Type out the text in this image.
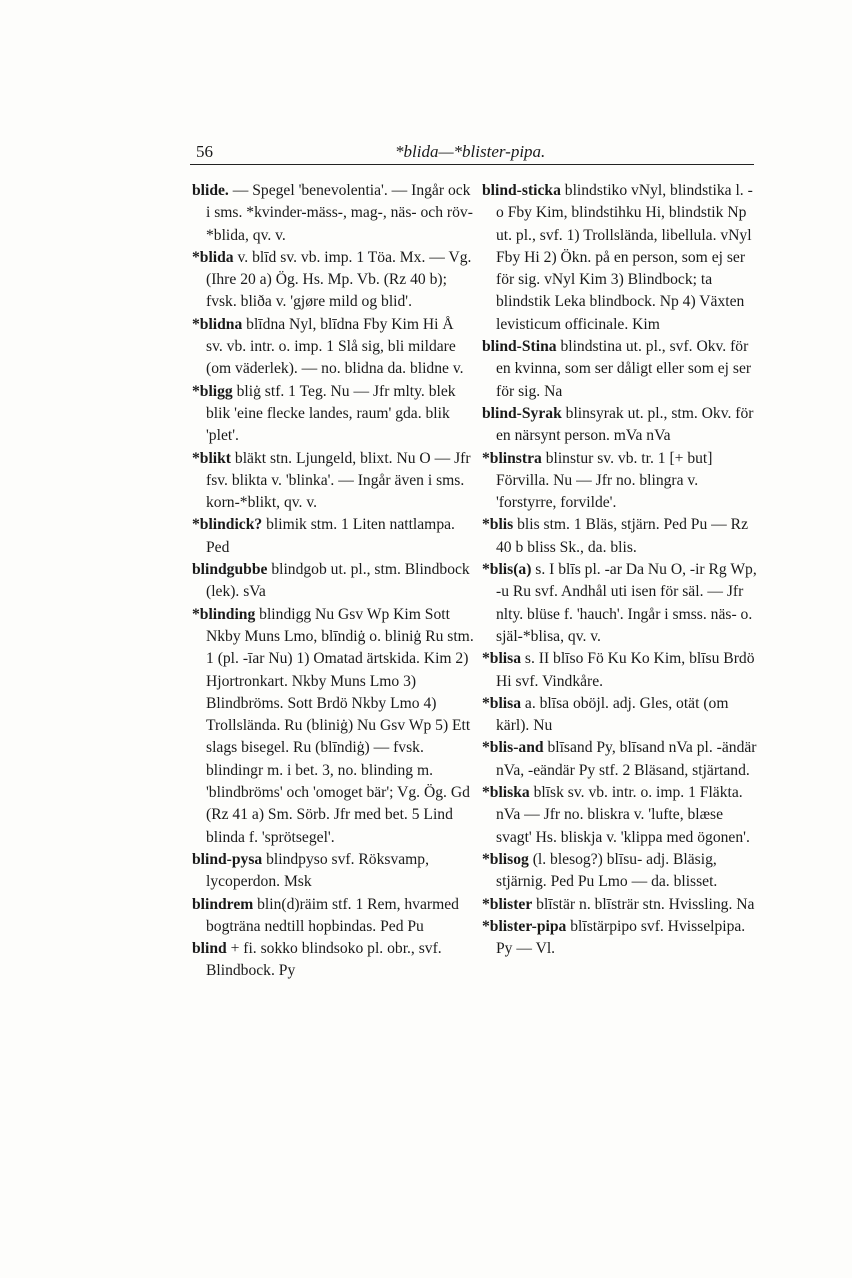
56	*blida—*blister-pipa.

blide. — Spegel 'benevolentia'. — Ingår ock i sms. *kvinder-mäss-, mag-, näs- och röv-*blida, qv. v.

*blida v. blīd sv. vb. imp. 1 Töa. Mx. — Vg. (Ihre 20 a) Ög. Hs. Mp. Vb. (Rz 40 b); fvsk. bliða v. 'gjøre mild og blid'.

*blidna blīdna Nyl, blīdna Fby Kim Hi Å sv. vb. intr. o. imp. 1 Slå sig, bli mildare (om väderlek). — no. blidna da. blidne v.

*bligg bliġ stf. 1 Teg. Nu — Jfr mlty. blek blik 'eine flecke landes, raum' gda. blik 'plet'.

*blikt bläkt stn. Ljungeld, blixt. Nu O — Jfr fsv. blikta v. 'blinka'. — Ingår även i sms. korn-*blikt, qv. v.

*blindick? blimik stm. 1 Liten nattlampa. Ped

blindgubbe blindgob ut. pl., stm. Blindbock (lek). sVa

*blinding blindigg Nu Gsv Wp Kim Sott Nkby Muns Lmo, blīndiġ o. bliniġ Ru stm. 1 (pl. -īar Nu) 1) Omatad ärtskida. Kim 2) Hjortronkart. Nkby Muns Lmo 3) Blindbröms. Sott Brdö Nkby Lmo 4) Trollslända. Ru (bliniġ) Nu Gsv Wp 5) Ett slags bisegel. Ru (blīndiġ) — fvsk. blindingr m. i bet. 3, no. blinding m. 'blindbröms' och 'omoget bär'; Vg. Ög. Gd (Rz 41 a) Sm. Sörb. Jfr med bet. 5 Lind blinda f. 'sprötsegel'.

blind-pysa blindpyso svf. Röksvamp, lycoperdon. Msk

blindrem blin(d)räim stf. 1 Rem, hvarmed bogträna nedtill hopbindas. Ped Pu

blind + fi. sokko blindsoko pl. obr., svf. Blindbock. Py

blind-sticka blindstiko vNyl, blindstika l. -o Fby Kim, blindstihku Hi, blindstik Np ut. pl., svf. 1) Trollslända, libellula. vNyl Fby Hi 2) Ökn. på en person, som ej ser för sig. vNyl Kim 3) Blindbock; ta blindstik Leka blindbock. Np 4) Växten levisticum officinale. Kim

blind-Stina blindstina ut. pl., svf. Okv. för en kvinna, som ser dåligt eller som ej ser för sig. Na

blind-Syrak blinsyrak ut. pl., stm. Okv. för en närsynt person. mVa nVa

*blinstra blinstur sv. vb. tr. 1 [+ but] Förvilla. Nu — Jfr no. blingra v. 'forstyrre, forvilde'.

*blis blis stm. 1 Bläs, stjärn. Ped Pu — Rz 40 b bliss Sk., da. blis.

*blis(a) s. I blīs pl. -ar Da Nu O, -ir Rg Wp, -u Ru svf. Andhål uti isen för säl. — Jfr nlty. blüse f. 'hauch'. Ingår i smss. näs- o. själ-*blisa, qv. v.

*blisa s. II blīso Fö Ku Ko Kim, blīsu Brdö Hi svf. Vindkåre.

*blisa a. blīsa oböjl. adj. Gles, otät (om kärl). Nu

*blis-and blīsand Py, blīsand nVa pl. -ändär nVa, -eändär Py stf. 2 Bläsand, stjärtand.

*bliska blīsk sv. vb. intr. o. imp. 1 Fläkta. nVa — Jfr no. bliskra v. 'lufte, blæse svagt' Hs. bliskja v. 'klippa med ögonen'.

*blisog (l. blesog?) blīsu- adj. Bläsig, stjärnig. Ped Pu Lmo — da. blisset.

*blister blīstär n. blīsträr stn. Hvissling. Na

*blister-pipa blīstärpipo svf. Hvisselpipa. Py — Vl.
